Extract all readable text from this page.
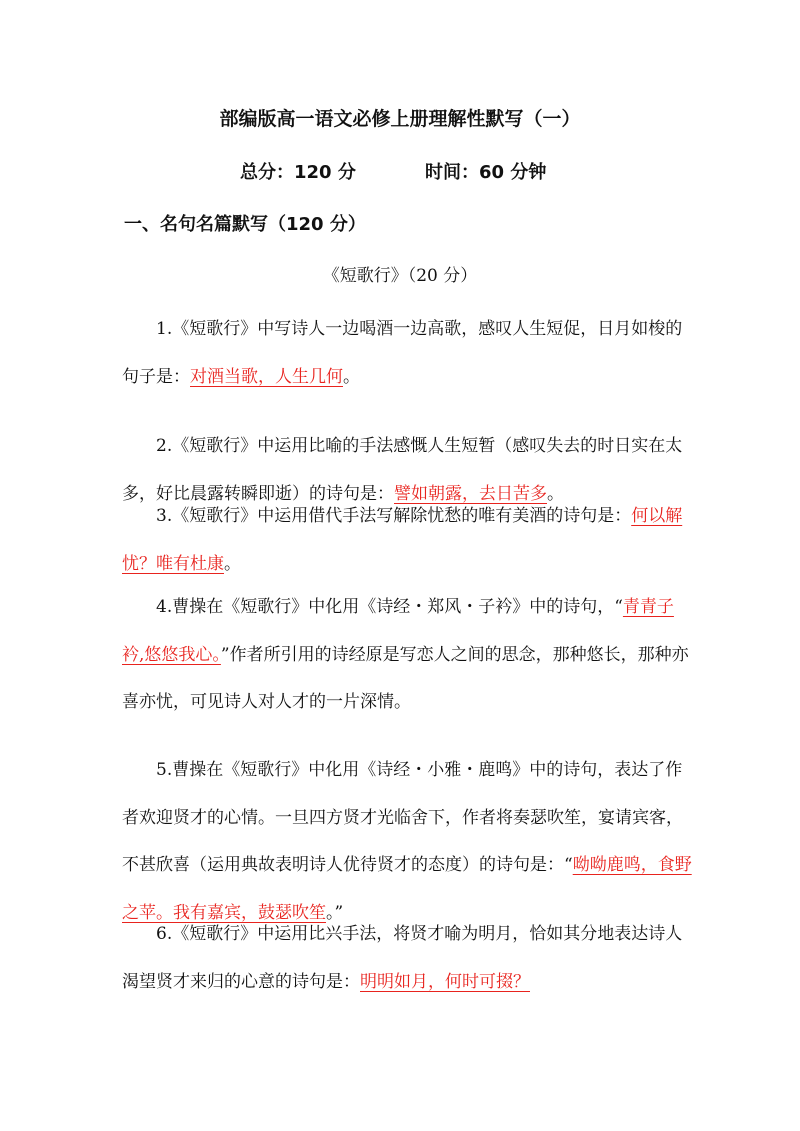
部编版高一语文必修上册理解性默写（一）
总分：120 分	时间：60 分钟
一、名句名篇默写（120 分）
《短歌行》（20 分）

1.《短歌行》中写诗人一边喝酒一边高歌，感叹人生短促，日月如梭的句子是：对酒当歌，人生几何。

2.《短歌行》中运用比喻的手法感慨人生短暂（感叹失去的时日实在太多，好比晨露转瞬即逝）的诗句是：譬如朝露，去日苦多。

3.《短歌行》中运用借代手法写解除忧愁的唯有美酒的诗句是：何以解忧？唯有杜康。

4.曹操在《短歌行》中化用《诗经・郑风・子衿》中的诗句，“青青子衿,悠悠我心。”作者所引用的诗经原是写恋人之间的思念，那种悠长，那种亦喜亦忧，可见诗人对人才的一片深情。

5.曹操在《短歌行》中化用《诗经・小雅・鹿鸣》中的诗句，表达了作者欢迎贤才的心情。一旦四方贤才光临舍下，作者将奏瑟吹笙，宴请宾客，不甚欣喜（运用典故表明诗人优待贤才的态度）的诗句是：“呦呦鹿鸣，食野之苹。我有嘉宾，鼓瑟吹笙。”

6.《短歌行》中运用比兴手法，将贤才喻为明月，恰如其分地表达诗人渴望贤才来归的心意的诗句是：明明如月，何时可掇？
